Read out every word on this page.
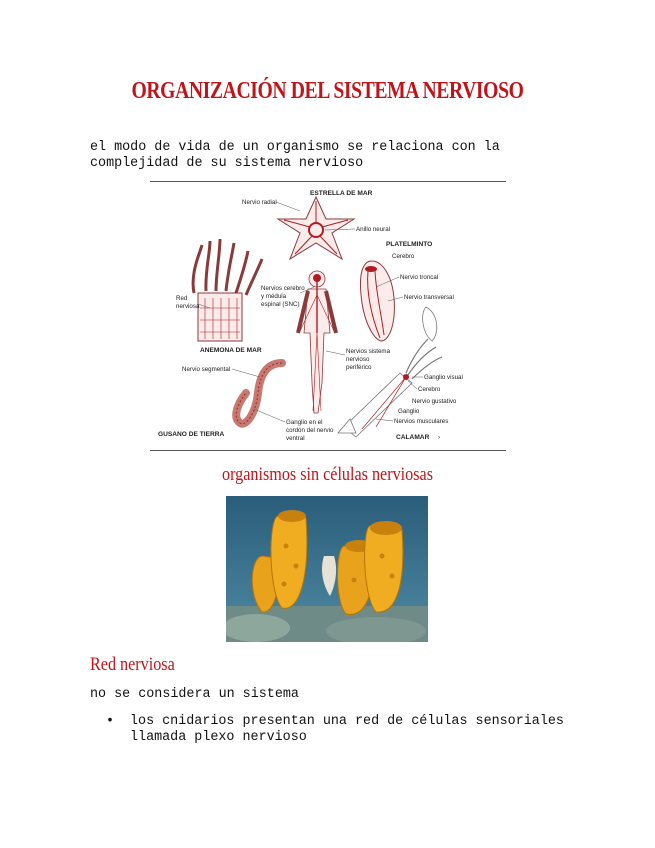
ORGANIZACIÓN DEL SISTEMA NERVIOSO
el modo de vida de un organismo se relaciona con la complejidad de su sistema nervioso
ESTRELLA DE MAR
Nervio radial
Anillo neural
PLATELMINTO
Cerebro
Nervio troncal
Nervio transversal
Red
nerviosa
ANEMONA DE MAR
Nervios cerebro
y médula
espinal (SNC)
Nervios sistema
nervioso
periférico
Nervio segmental
GUSANO DE TIERRA
Ganglio en el
cordón del nervio
ventral
Ganglio visual
Cerebro
Nervio gustativo
Ganglio
Nervios musculares
CALAMAR ›
organismos sin células nerviosas
Red nerviosa
no se considera un sistema
• los cnidarios presentan una red de células sensoriales llamada plexo nervioso
